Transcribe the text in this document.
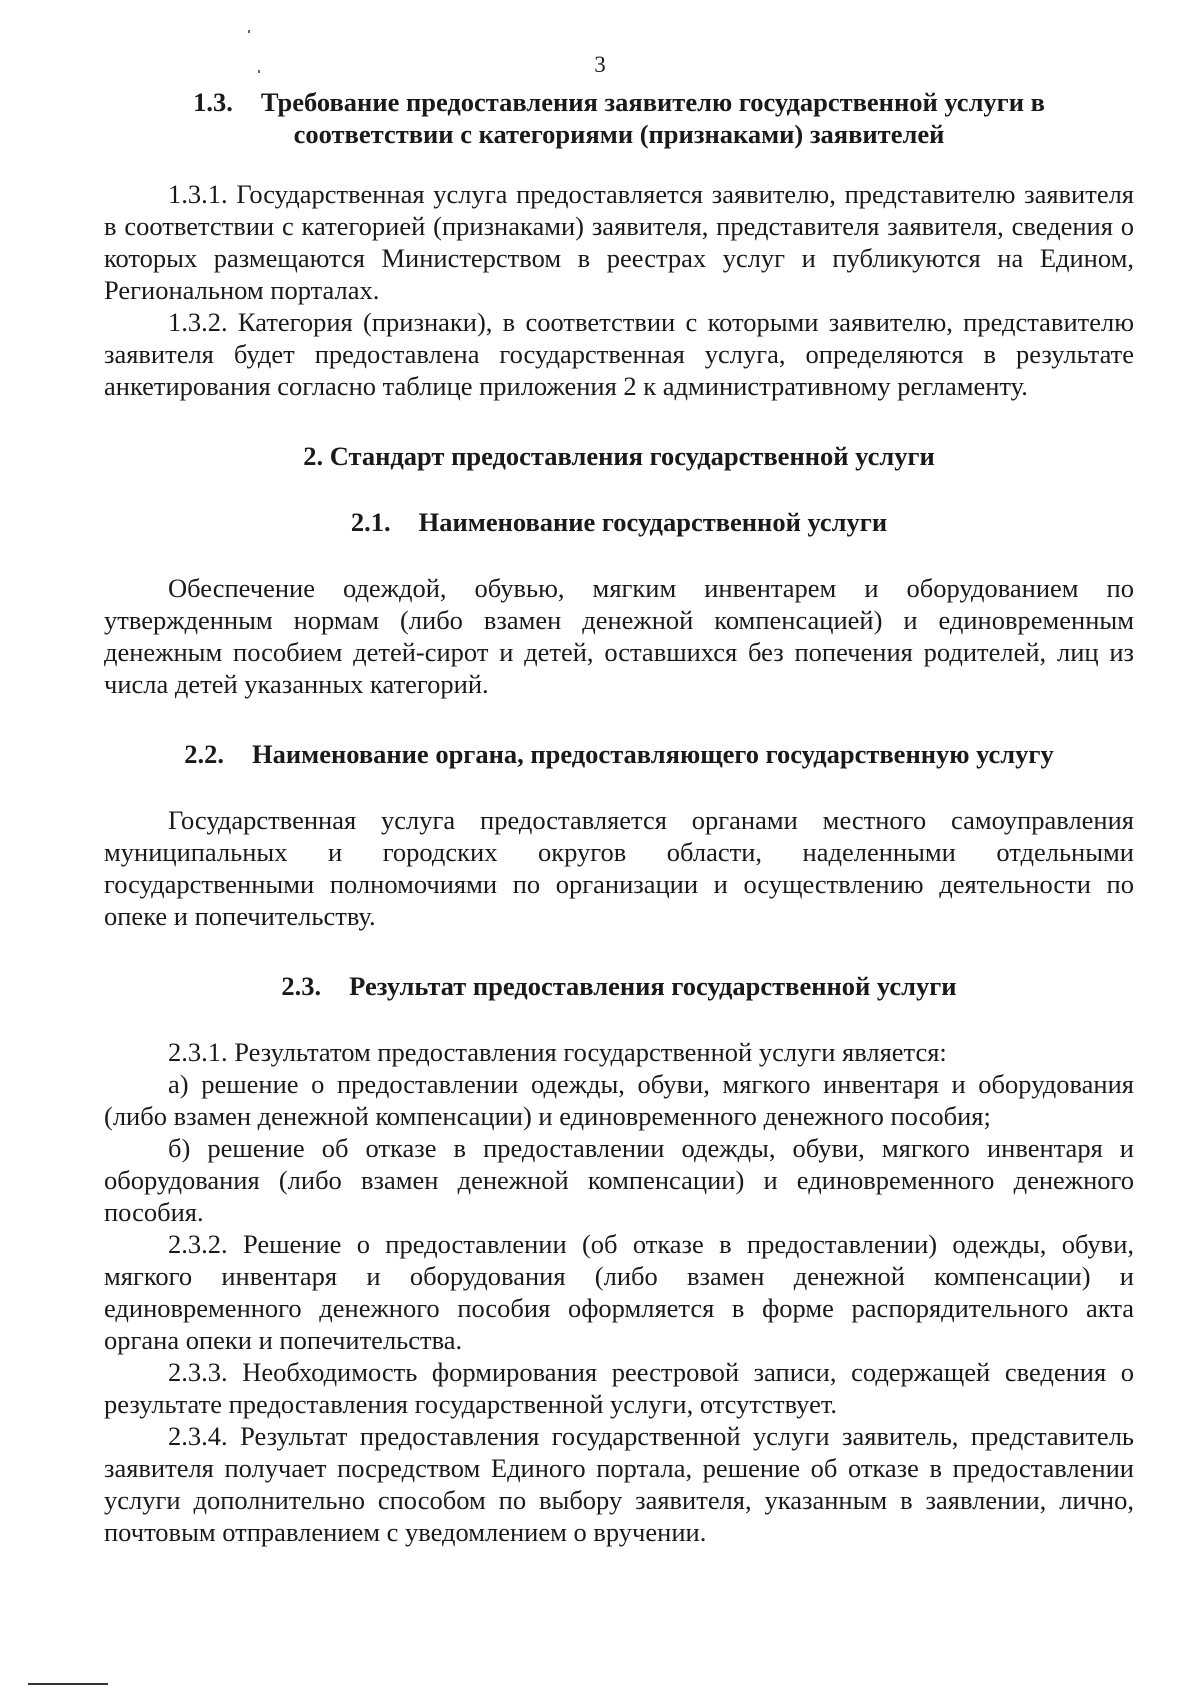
3
1.3. Требование предоставления заявителю государственной услуги в
соответствии с категориями (признаками) заявителей

1.3.1. Государственная услуга предоставляется заявителю, представителю заявителя в соответствии с категорией (признаками) заявителя, представителя заявителя, сведения о которых размещаются Министерством в реестрах услуг и публикуются на Едином, Региональном порталах.

1.3.2. Категория (признаки), в соответствии с которыми заявителю, представителю заявителя будет предоставлена государственная услуга, определяются в результате анкетирования согласно таблице приложения 2 к административному регламенту.

2. Стандарт предоставления государственной услуги
2.1. Наименование государственной услуги

Обеспечение одеждой, обувью, мягким инвентарем и оборудованием по утвержденным нормам (либо взамен денежной компенсацией) и единовременным денежным пособием детей-сирот и детей, оставшихся без попечения родителей, лиц из числа детей указанных категорий.

2.2. Наименование органа, предоставляющего государственную услугу

Государственная услуга предоставляется органами местного самоуправления муниципальных и городских округов области, наделенными отдельными государственными полномочиями по организации и осуществлению деятельности по опеке и попечительству.

2.3. Результат предоставления государственной услуги

2.3.1. Результатом предоставления государственной услуги является:

а) решение о предоставлении одежды, обуви, мягкого инвентаря и оборудования (либо взамен денежной компенсации) и единовременного денежного пособия;

б) решение об отказе в предоставлении одежды, обуви, мягкого инвентаря и оборудования (либо взамен денежной компенсации) и единовременного денежного пособия.

2.3.2. Решение о предоставлении (об отказе в предоставлении) одежды, обуви, мягкого инвентаря и оборудования (либо взамен денежной компенсации) и единовременного денежного пособия оформляется в форме распорядительного акта органа опеки и попечительства.

2.3.3. Необходимость формирования реестровой записи, содержащей сведения о результате предоставления государственной услуги, отсутствует.

2.3.4. Результат предоставления государственной услуги заявитель, представитель заявителя получает посредством Единого портала, решение об отказе в предоставлении услуги дополнительно способом по выбору заявителя, указанным в заявлении, лично, почтовым отправлением с уведомлением о вручении.
